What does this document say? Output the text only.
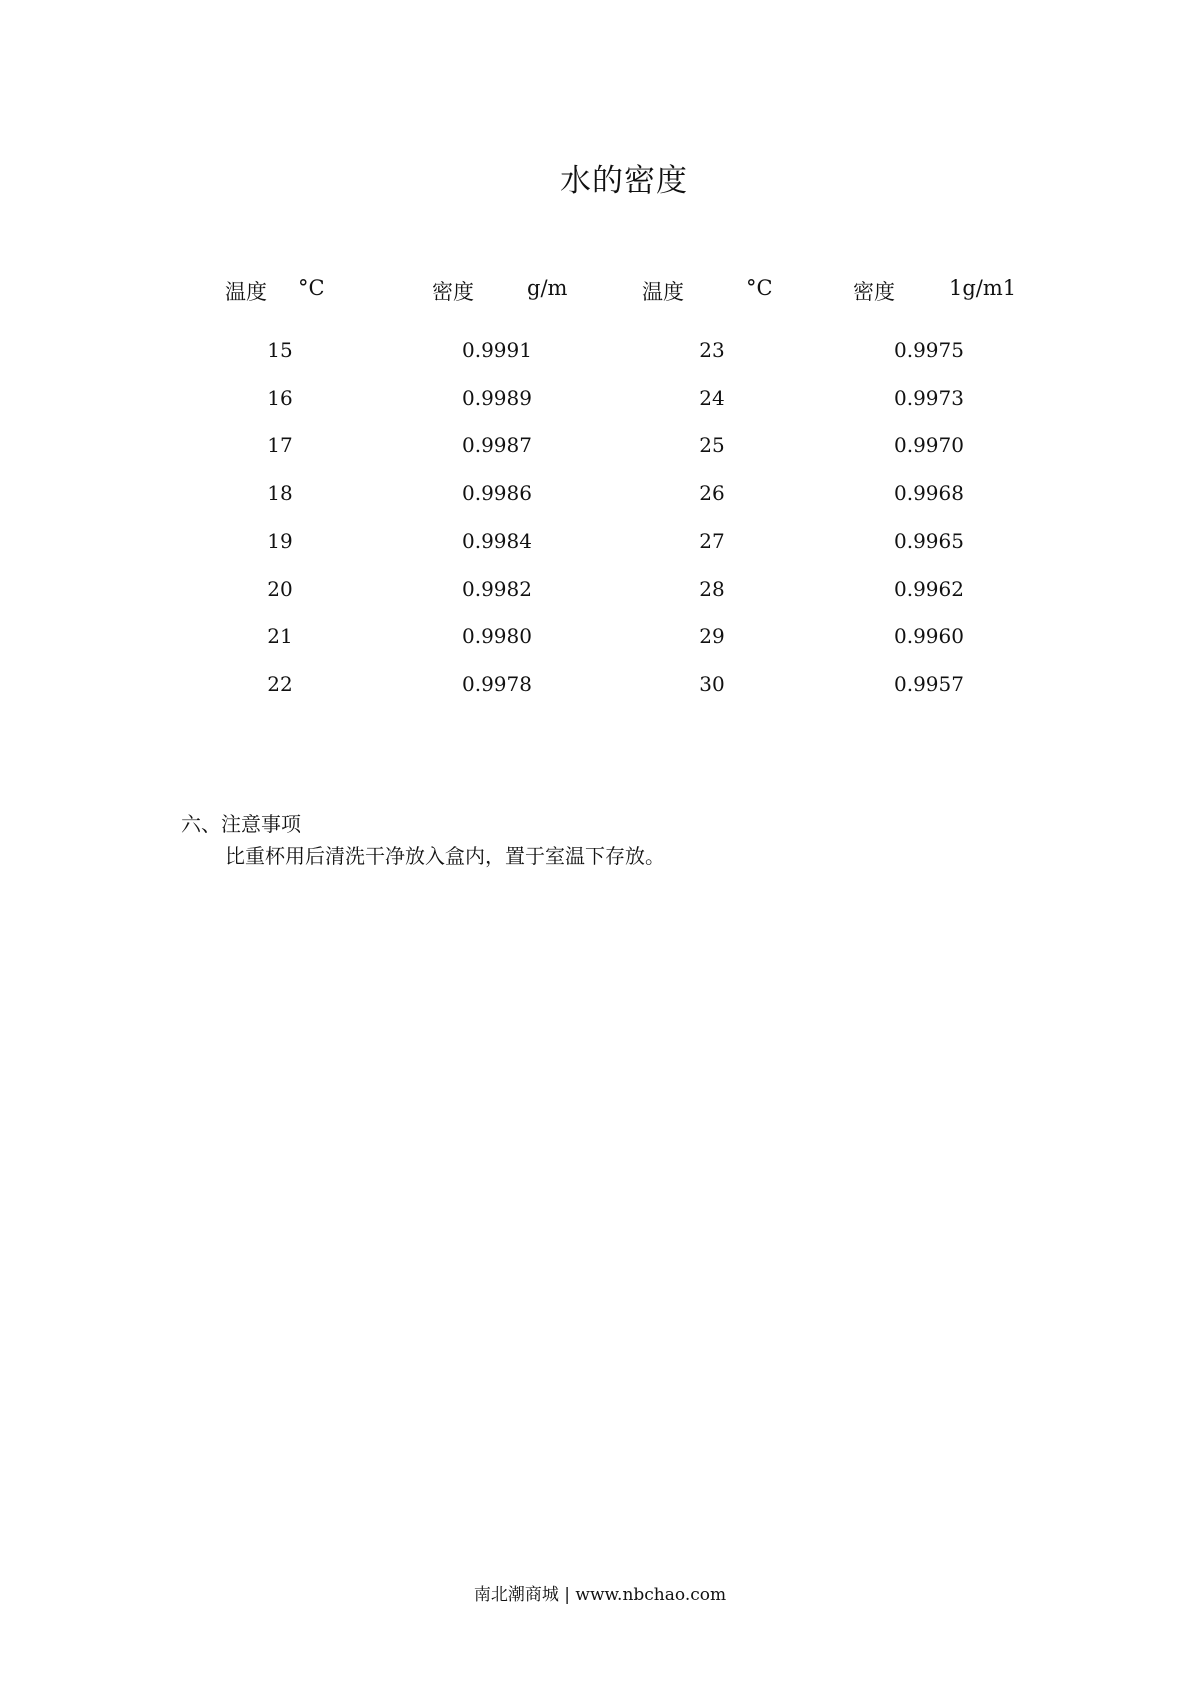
水的密度
温度 °C	密度	g/m	温度	°C	密度	1g/m1
15	0.9991	23	0.9975
16	0.9989	24	0.9973
17	0.9987	25	0.9970
18	0.9986	26	0.9968
19	0.9984	27	0.9965
20	0.9982	28	0.9962
21	0.9980	29	0.9960
22	0.9978	30	0.9957
六、注意事项
比重杯用后清洗干净放入盒内，置于室温下存放。
南北潮商城 | www.nbchao.com
